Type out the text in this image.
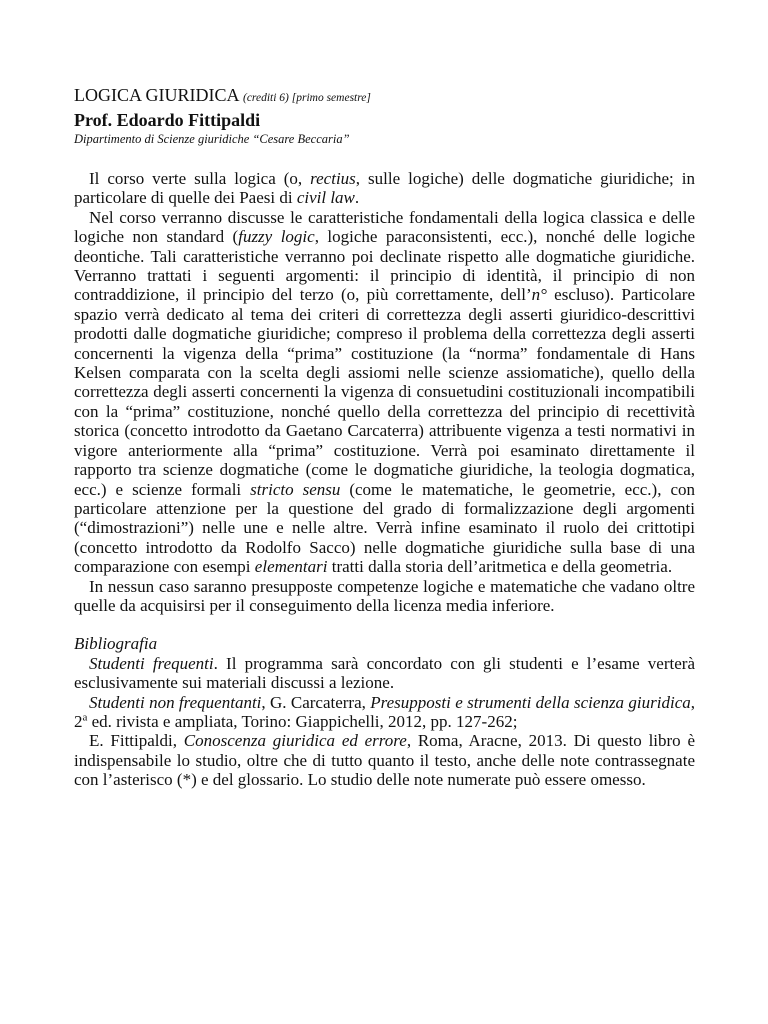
LOGICA GIURIDICA (crediti 6) [primo semestre]
Prof. Edoardo Fittipaldi
Dipartimento di Scienze giuridiche “Cesare Beccaria”

Il corso verte sulla logica (o, rectius, sulle logiche) delle dogmatiche giuridiche; in particolare di quelle dei Paesi di civil law.

Nel corso verranno discusse le caratteristiche fondamentali della logica classica e delle logiche non standard (fuzzy logic, logiche paraconsistenti, ecc.), nonché delle logiche deontiche. Tali caratteristiche verranno poi declinate rispetto alle dogmatiche giuridiche. Verranno trattati i seguenti argomenti: il principio di identità, il principio di non contraddizione, il principio del terzo (o, più correttamente, dell’n° escluso). Particolare spazio verrà dedicato al tema dei criteri di correttezza degli asserti giuridico-descrittivi prodotti dalle dogmatiche giuridiche; compreso il problema della correttezza degli asserti concernenti la vigenza della “prima” costituzione (la “norma” fondamentale di Hans Kelsen comparata con la scelta degli assiomi nelle scienze assiomatiche), quello della correttezza degli asserti concernenti la vigenza di consuetudini costituzionali incompatibili con la “prima” costituzione, nonché quello della correttezza del principio di recettività storica (concetto introdotto da Gaetano Carcaterra) attribuente vigenza a testi normativi in vigore anteriormente alla “prima” costituzione. Verrà poi esaminato direttamente il rapporto tra scienze dogmatiche (come le dogmatiche giuridiche, la teologia dogmatica, ecc.) e scienze formali stricto sensu (come le matematiche, le geometrie, ecc.), con particolare attenzione per la questione del grado di formalizzazione degli argomenti (“dimostrazioni”) nelle une e nelle altre. Verrà infine esaminato il ruolo dei crittotipi (concetto introdotto da Rodolfo Sacco) nelle dogmatiche giuridiche sulla base di una comparazione con esempi elementari tratti dalla storia dell’aritmetica e della geometria.

In nessun caso saranno presupposte competenze logiche e matematiche che vadano oltre quelle da acquisirsi per il conseguimento della licenza media inferiore.

Bibliografia

Studenti frequenti. Il programma sarà concordato con gli studenti e l’esame verterà esclusivamente sui materiali discussi a lezione.

Studenti non frequentanti, G. Carcaterra, Presupposti e strumenti della scienza giuridica, 2$^a$ ed. rivista e ampliata, Torino: Giappichelli, 2012, pp. 127-262;

E. Fittipaldi, Conoscenza giuridica ed errore, Roma, Aracne, 2013. Di questo libro è indispensabile lo studio, oltre che di tutto quanto il testo, anche delle note contrassegnate con l’asterisco (*) e del glossario. Lo studio delle note numerate può essere omesso.
